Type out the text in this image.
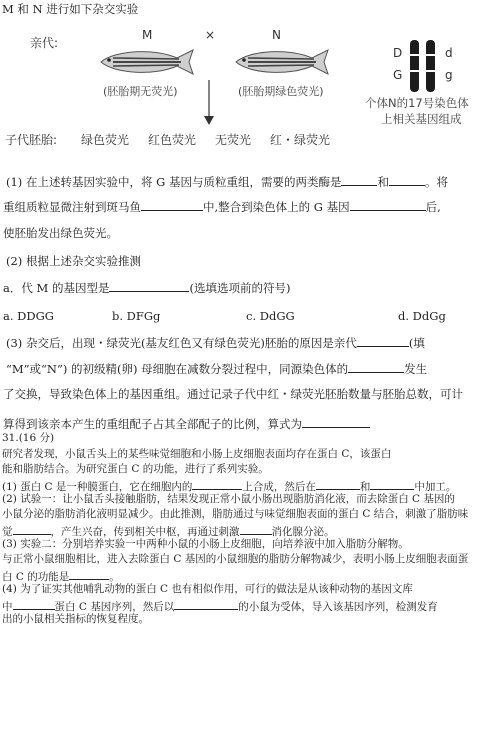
M 和 N 进行如下杂交实验
亲代:
M	×	N
(胚胎期无荧光)	(胚胎期绿色荧光)
子代胚胎: 绿色荧光 红色荧光 无荧光 红・绿荧光
D
G
d
g
个体N的17号染色体
上相关基因组成
(1) 在上述转基因实验中，将 G 基因与质粒重组，需要的两类酶是	和	。将
重组质粒显微注射到斑马鱼	中,整合到染色体上的 G 基因	后,
使胚胎发出绿色荧光。
(2) 根据上述杂交实验推测
a．代 M 的基因型是	(选填选项前的符号)
a. DDGG	b. DFGg	c. DdGG	d. DdGg
(3) 杂交后，出现・绿荧光(基友红色又有绿色荧光)胚胎的原因是亲代	(填
“M”或“N”) 的初级精(卵) 母细胞在减数分裂过程中，同源染色体的	发生
了交换，导致染色体上的基因重组。通过记录子代中红・绿荧光胚胎数量与胚胎总数，可计
算得到该亲本产生的重组配子占其全部配子的比例，算式为
31.(16 分)
研究者发现，小鼠舌头上的某些味觉细胞和小肠上皮细胞表面均存在蛋白 C，该蛋白
能和脂肪结合。为研究蛋白 C 的功能，进行了系列实验。
(1) 蛋白 C 是一种膜蛋白，它在细胞内的	上合成，然后在	和	中加工。
(2) 试验一：让小鼠舌头接触脂肪，结果发现正常小鼠小肠出现脂肪消化液，而去除蛋白 C 基因的
小鼠分泌的脂肪消化液明显减少。由此推测，脂肪通过与味觉细胞表面的蛋白 C 结合，刺激了脂肪味
觉	，产生兴奋，传到相关中枢，再通过刺激	消化腺分泌。
(3) 实验二：分别培养实验一中两种小鼠的小肠上皮细胞，向培养液中加入脂肪分解物。
与正常小鼠细胞相比，进入去除蛋白 C 基因的小鼠细胞的脂肪分解物减少，表明小肠上皮细胞表面蛋
白 C 的功能是	。
(4) 为了证实其他哺乳动物的蛋白 C 也有相似作用，可行的做法是从该种动物的基因文库
中	蛋白 C 基因序列，然后以	的小鼠为受体，导入该基因序列，检测发育
出的小鼠相关指标的恢复程度。
